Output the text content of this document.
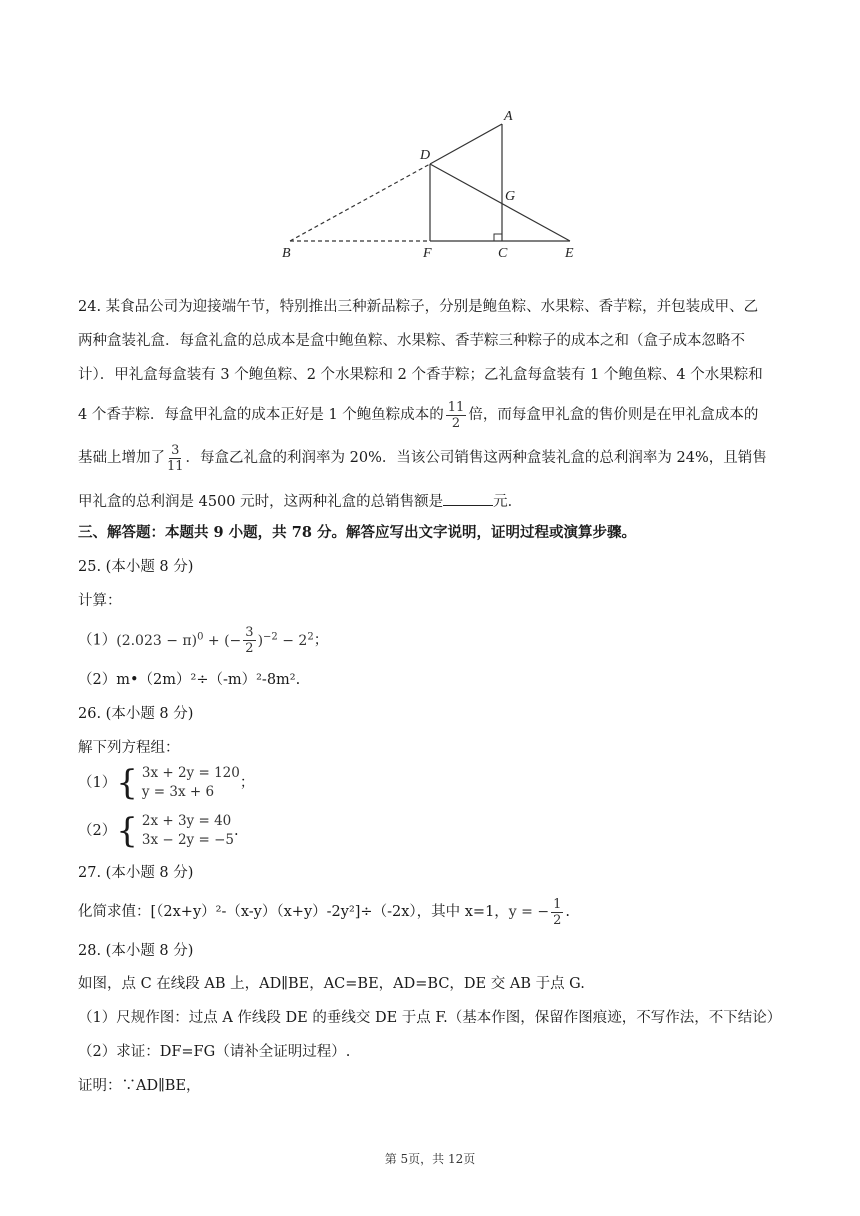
A
B	C
D
E
F
G
24. 某食品公司为迎接端午节，特别推出三种新品粽子，分别是鲍鱼粽、水果粽、香芋粽，并包装成甲、乙
两种盒装礼盒．每盒礼盒的总成本是盒中鲍鱼粽、水果粽、香芋粽三种粽子的成本之和（盒子成本忽略不
计）．甲礼盒每盒装有 3 个鲍鱼粽、2 个水果粽和 2 个香芋粽；乙礼盒每盒装有 1 个鲍鱼粽、4 个水果粽和
4 个香芋粽．每盒甲礼盒的成本正好是 1 个鲍鱼粽成本的 $\frac{11}{2}$ 倍，而每盒甲礼盒的售价则是在甲礼盒成本的
基础上增加了 $\frac{3}{11}$ ．每盒乙礼盒的利润率为 20%．当该公司销售这两种盒装礼盒的总利润率为 24%，且销售
甲礼盒的总利润是 4500 元时，这两种礼盒的总销售额是	元．
三、解答题：本题共 9 小题，共 78 分。解答应写出文字说明，证明过程或演算步骤。
25. (本小题 8 分)
计算：
$(1)(2.023 - \pi)^0$ + (− $\frac{3}{2} )^{-2} - 2^2$；
（2）m•（2m）²÷（-m）²-8m².
26. (本小题 8 分)
解下列方程组：
（1）{ 3x + 2y = 120
y = 3x + 6
；
（2）{ 2x + 3y = 40
3x − 2y = −5
.
27. (本小题 8 分)
化简求值：[（2x+y）²-（x-y）（x+y）-2y²]÷（-2x），其中 x=1，y = − $\frac{1}{2}$ .
28. (本小题 8 分)
如图，点 C 在线段 AB 上，AD∥BE，AC=BE，AD=BC，DE 交 AB 于点 G.
（1）尺规作图：过点 A 作线段 DE 的垂线交 DE 于点 F.（基本作图，保留作图痕迹，不写作法，不下结论）
（2）求证：DF=FG（请补全证明过程）.
证明：∵AD∥BE，
第 5页，共 12页
